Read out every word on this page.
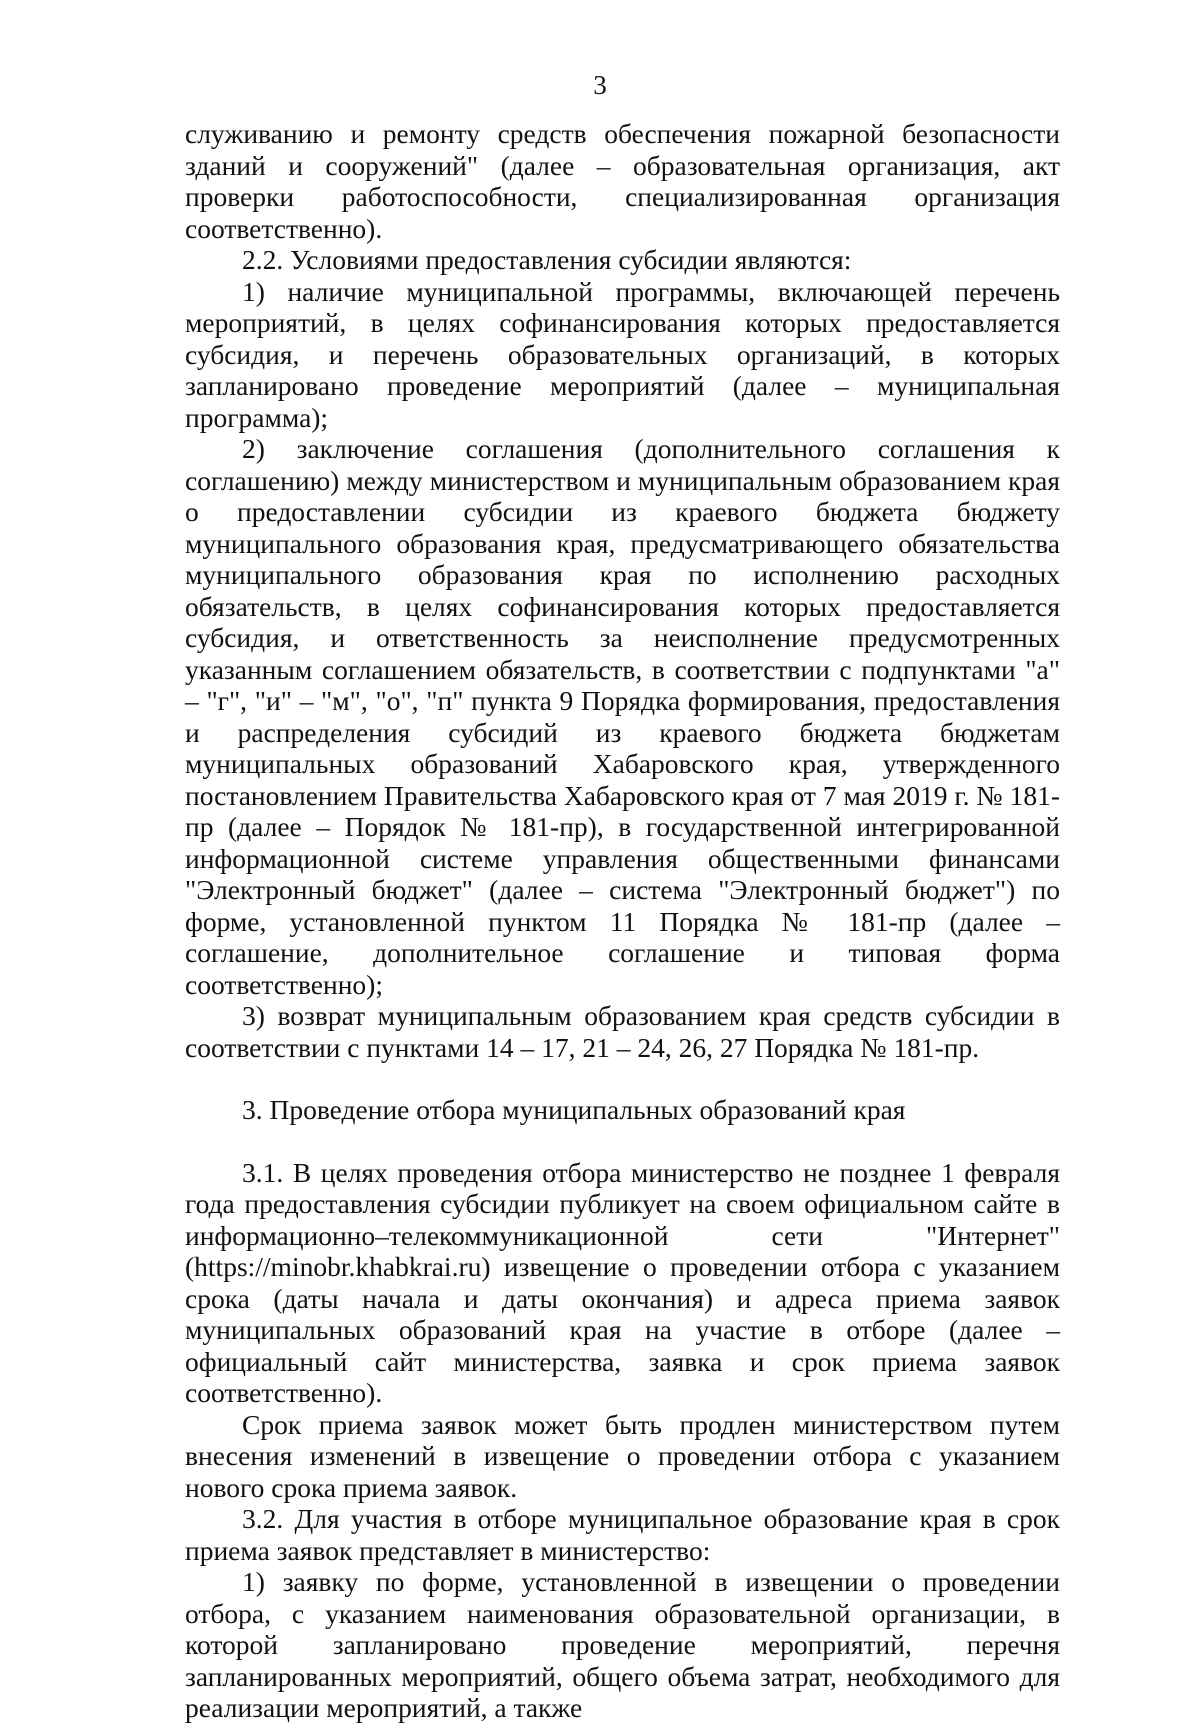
3

служиванию и ремонту средств обеспечения пожарной безопасности зданий и сооружений" (далее – образовательная организация, акт проверки работоспособности, специализированная организация соответственно).

2.2. Условиями предоставления субсидии являются:

1) наличие муниципальной программы, включающей перечень мероприятий, в целях софинансирования которых предоставляется субсидия, и перечень образовательных организаций, в которых запланировано проведение мероприятий (далее – муниципальная программа);

2) заключение соглашения (дополнительного соглашения к соглашению) между министерством и муниципальным образованием края о предоставлении субсидии из краевого бюджета бюджету муниципального образования края, предусматривающего обязательства муниципального образования края по исполнению расходных обязательств, в целях софинансирования которых предоставляется субсидия, и ответственность за неисполнение предусмотренных указанным соглашением обязательств, в соответствии с подпунктами "а" – "г", "и" – "м", "о", "п" пункта 9 Порядка формирования, предоставления и распределения субсидий из краевого бюджета бюджетам муниципальных образований Хабаровского края, утвержденного постановлением Правительства Хабаровского края от 7 мая 2019 г. № 181-пр (далее – Порядок № 181-пр), в государственной интегрированной информационной системе управления общественными финансами "Электронный бюджет" (далее – система "Электронный бюджет") по форме, установленной пунктом 11 Порядка № 181-пр (далее – соглашение, дополнительное соглашение и типовая форма соответственно);

3) возврат муниципальным образованием края средств субсидии в соответствии с пунктами 14 – 17, 21 – 24, 26, 27 Порядка № 181-пр.

3. Проведение отбора муниципальных образований края

3.1. В целях проведения отбора министерство не позднее 1 февраля года предоставления субсидии публикует на своем официальном сайте в информационно–телекоммуникационной сети "Интернет" (https://minobr.khabkrai.ru) извещение о проведении отбора с указанием срока (даты начала и даты окончания) и адреса приема заявок муниципальных образований края на участие в отборе (далее – официальный сайт министерства, заявка и срок приема заявок соответственно).

Срок приема заявок может быть продлен министерством путем внесения изменений в извещение о проведении отбора с указанием нового срока приема заявок.

3.2. Для участия в отборе муниципальное образование края в срок приема заявок представляет в министерство:

1) заявку по форме, установленной в извещении о проведении отбора, с указанием наименования образовательной организации, в которой запланировано проведение мероприятий, перечня запланированных мероприятий, общего объема затрат, необходимого для реализации мероприятий, а также
